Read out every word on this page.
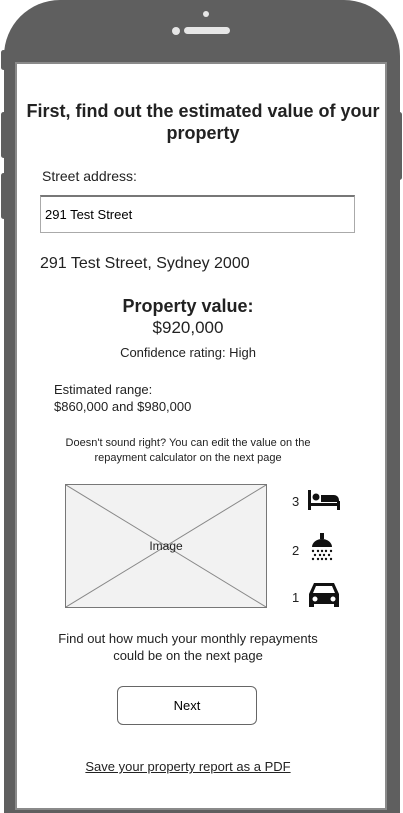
First, find out the estimated value of your property
Street address:
291 Test Street
291 Test Street, Sydney 2000
Property value:
$920,000
Confidence rating: High
Estimated range:
$860,000 and $980,000
Doesn't sound right? You can edit the value on the repayment calculator on the next page
Image
3
2
1
Find out how much your monthly repayments could be on the next page
Next
Save your property report as a PDF
